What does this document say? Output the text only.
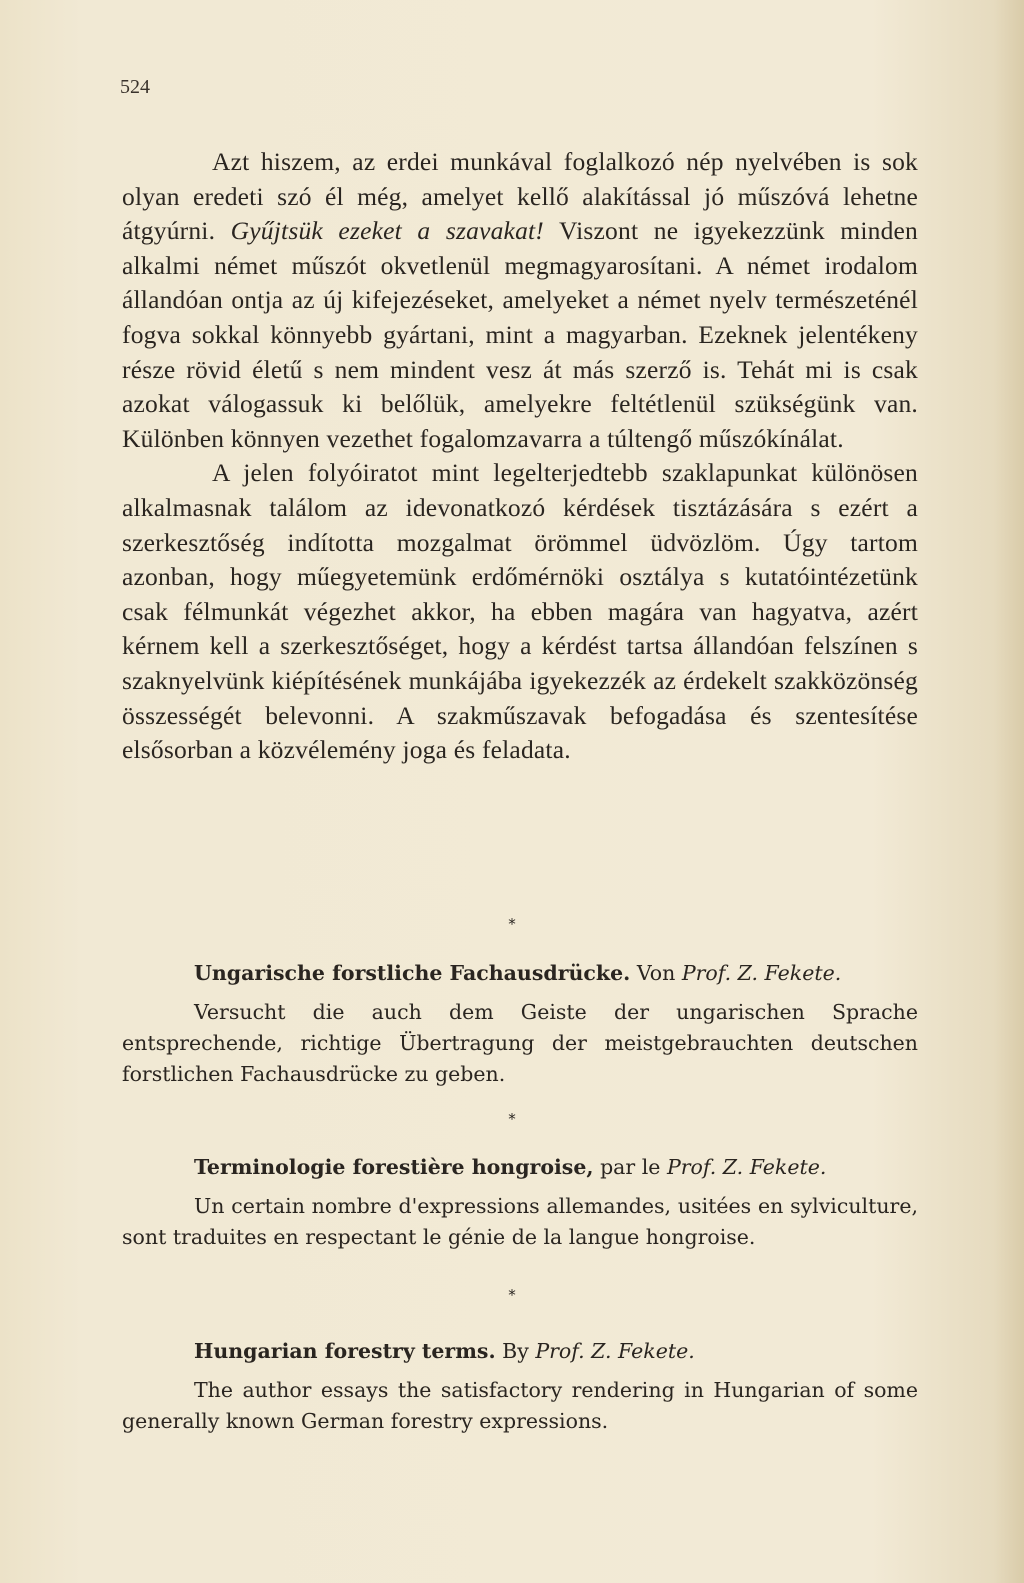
524

Azt hiszem, az erdei munkával foglalkozó nép nyelvében is sok olyan eredeti szó él még, amelyet kellő alakítással jó műszóvá lehetne átgyúrni. Gyűjtsük ezeket a szavakat! Viszont ne igyekezzünk minden alkalmi német műszót okvetlenül megmagyarosítani. A német irodalom állandóan ontja az új kifejezéseket, amelyeket a német nyelv természeténél fogva sokkal könnyebb gyártani, mint a magyarban. Ezeknek jelentékeny része rövid életű s nem mindent vesz át más szerző is. Tehát mi is csak azokat válogassuk ki belőlük, amelyekre feltétlenül szükségünk van. Különben könnyen vezethet fogalomzavarra a túltengő műszókínálat.

A jelen folyóiratot mint legelterjedtebb szaklapunkat különösen alkalmasnak találom az idevonatkozó kérdések tisztázására s ezért a szerkesztőség indította mozgalmat örömmel üdvözlöm. Úgy tartom azonban, hogy műegyetemünk erdőmérnöki osztálya s kutatóintézetünk csak félmunkát végezhet akkor, ha ebben magára van hagyatva, azért kérnem kell a szerkesztőséget, hogy a kérdést tartsa állandóan felszínen s szaknyelvünk kiépítésének munkájába igyekezzék az érdekelt szakközönség összességét belevonni. A szakműszavak befogadása és szentesítése elsősorban a közvélemény joga és feladata.

*

Ungarische forstliche Fachausdrücke. Von Prof. Z. Fekete.

Versucht die auch dem Geiste der ungarischen Sprache entsprechende, richtige Übertragung der meistgebrauchten deutschen forstlichen Fachausdrücke zu geben.

*

Terminologie forestière hongroise, par le Prof. Z. Fekete.

Un certain nombre d'expressions allemandes, usitées en sylviculture, sont traduites en respectant le génie de la langue hongroise.

*

Hungarian forestry terms. By Prof. Z. Fekete.

The author essays the satisfactory rendering in Hungarian of some generally known German forestry expressions.
